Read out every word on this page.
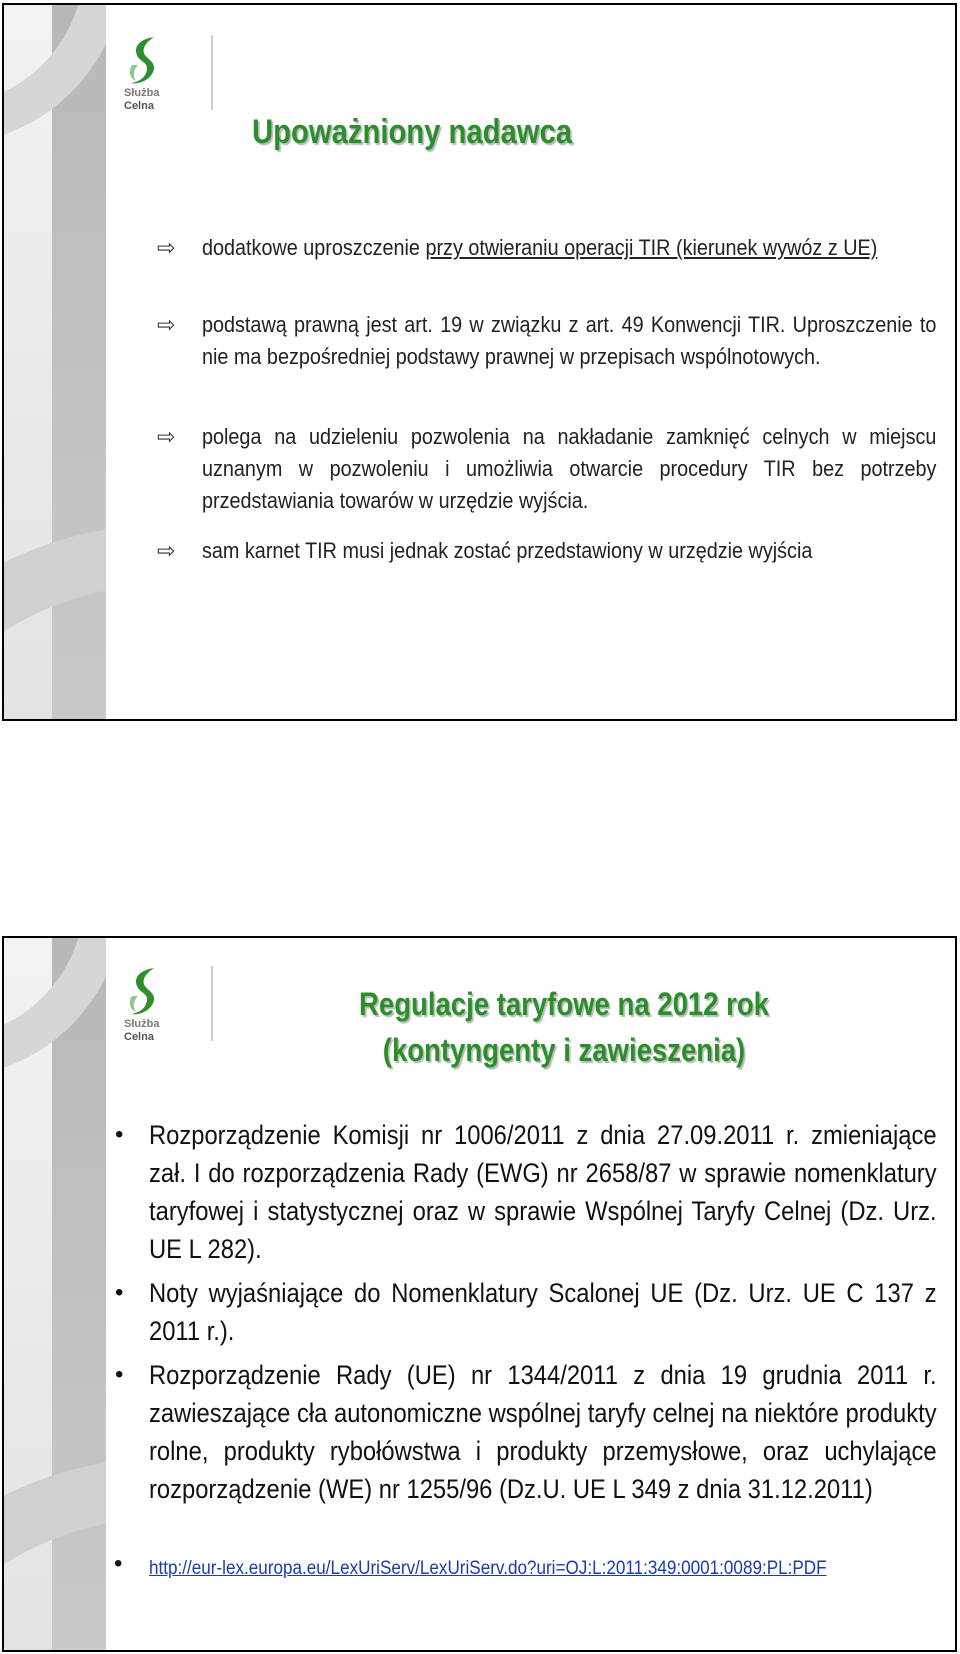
Służba
Celna
Upoważniony nadawca
⇨ dodatkowe uproszczenie przy otwieraniu operacji TIR (kierunek wywóz z UE)
⇨ podstawą prawną jest art. 19 w związku z art. 49 Konwencji TIR. Uproszczenie to nie ma bezpośredniej podstawy prawnej w przepisach wspólnotowych.
⇨ polega na udzieleniu pozwolenia na nakładanie zamknięć celnych w miejscu uznanym w pozwoleniu i umożliwia otwarcie procedury TIR bez potrzeby przedstawiania towarów w urzędzie wyjścia.
⇨ sam karnet TIR musi jednak zostać przedstawiony w urzędzie wyjścia
Służba
Celna
Regulacje taryfowe na 2012 rok
(kontyngenty i zawieszenia)
• Rozporządzenie Komisji nr 1006/2011 z dnia 27.09.2011 r. zmieniające zał. I do rozporządzenia Rady (EWG) nr 2658/87 w sprawie nomenklatury taryfowej i statystycznej oraz w sprawie Wspólnej Taryfy Celnej (Dz. Urz. UE L 282).
• Noty wyjaśniające do Nomenklatury Scalonej UE (Dz. Urz. UE C 137 z 2011 r.).
• Rozporządzenie Rady (UE) nr 1344/2011 z dnia 19 grudnia 2011 r. zawieszające cła autonomiczne wspólnej taryfy celnej na niektóre produkty rolne, produkty rybołówstwa i produkty przemysłowe, oraz uchylające rozporządzenie (WE) nr 1255/96 (Dz.U. UE L 349 z dnia 31.12.2011)
• http://eur-lex.europa.eu/LexUriServ/LexUriServ.do?uri=OJ:L:2011:349:0001:0089:PL:PDF
